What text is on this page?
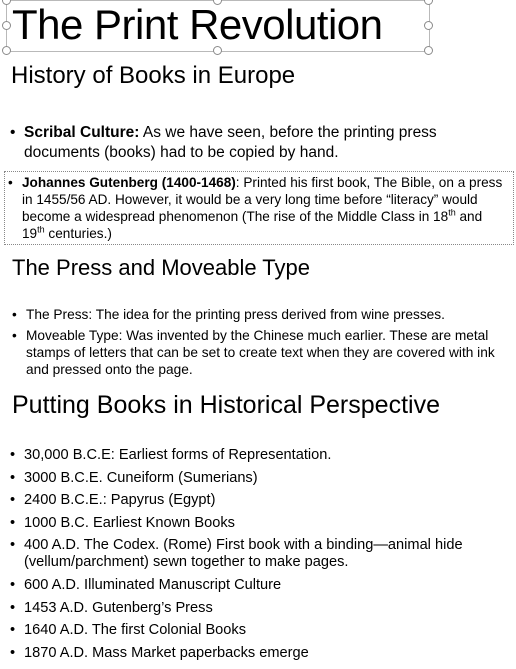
The Print Revolution
History of Books in Europe
• Scribal Culture: As we have seen, before the printing press documents (books) had to be copied by hand.
• Johannes Gutenberg (1400-1468): Printed his first book, The Bible, on a press in 1455/56 AD. However, it would be a very long time before “literacy” would become a widespread phenomenon (The rise of the Middle Class in 18th and 19th centuries.)
The Press and Moveable Type
• The Press: The idea for the printing press derived from wine presses.
• Moveable Type: Was invented by the Chinese much earlier. These are metal stamps of letters that can be set to create text when they are covered with ink and pressed onto the page.
Putting Books in Historical Perspective
• 30,000 B.C.E: Earliest forms of Representation.
• 3000 B.C.E. Cuneiform (Sumerians)
• 2400 B.C.E.: Papyrus (Egypt)
• 1000 B.C. Earliest Known Books
• 400 A.D. The Codex. (Rome) First book with a binding—animal hide (vellum/parchment) sewn together to make pages.
• 600 A.D. Illuminated Manuscript Culture
• 1453 A.D. Gutenberg’s Press
• 1640 A.D. The first Colonial Books
• 1870 A.D. Mass Market paperbacks emerge
